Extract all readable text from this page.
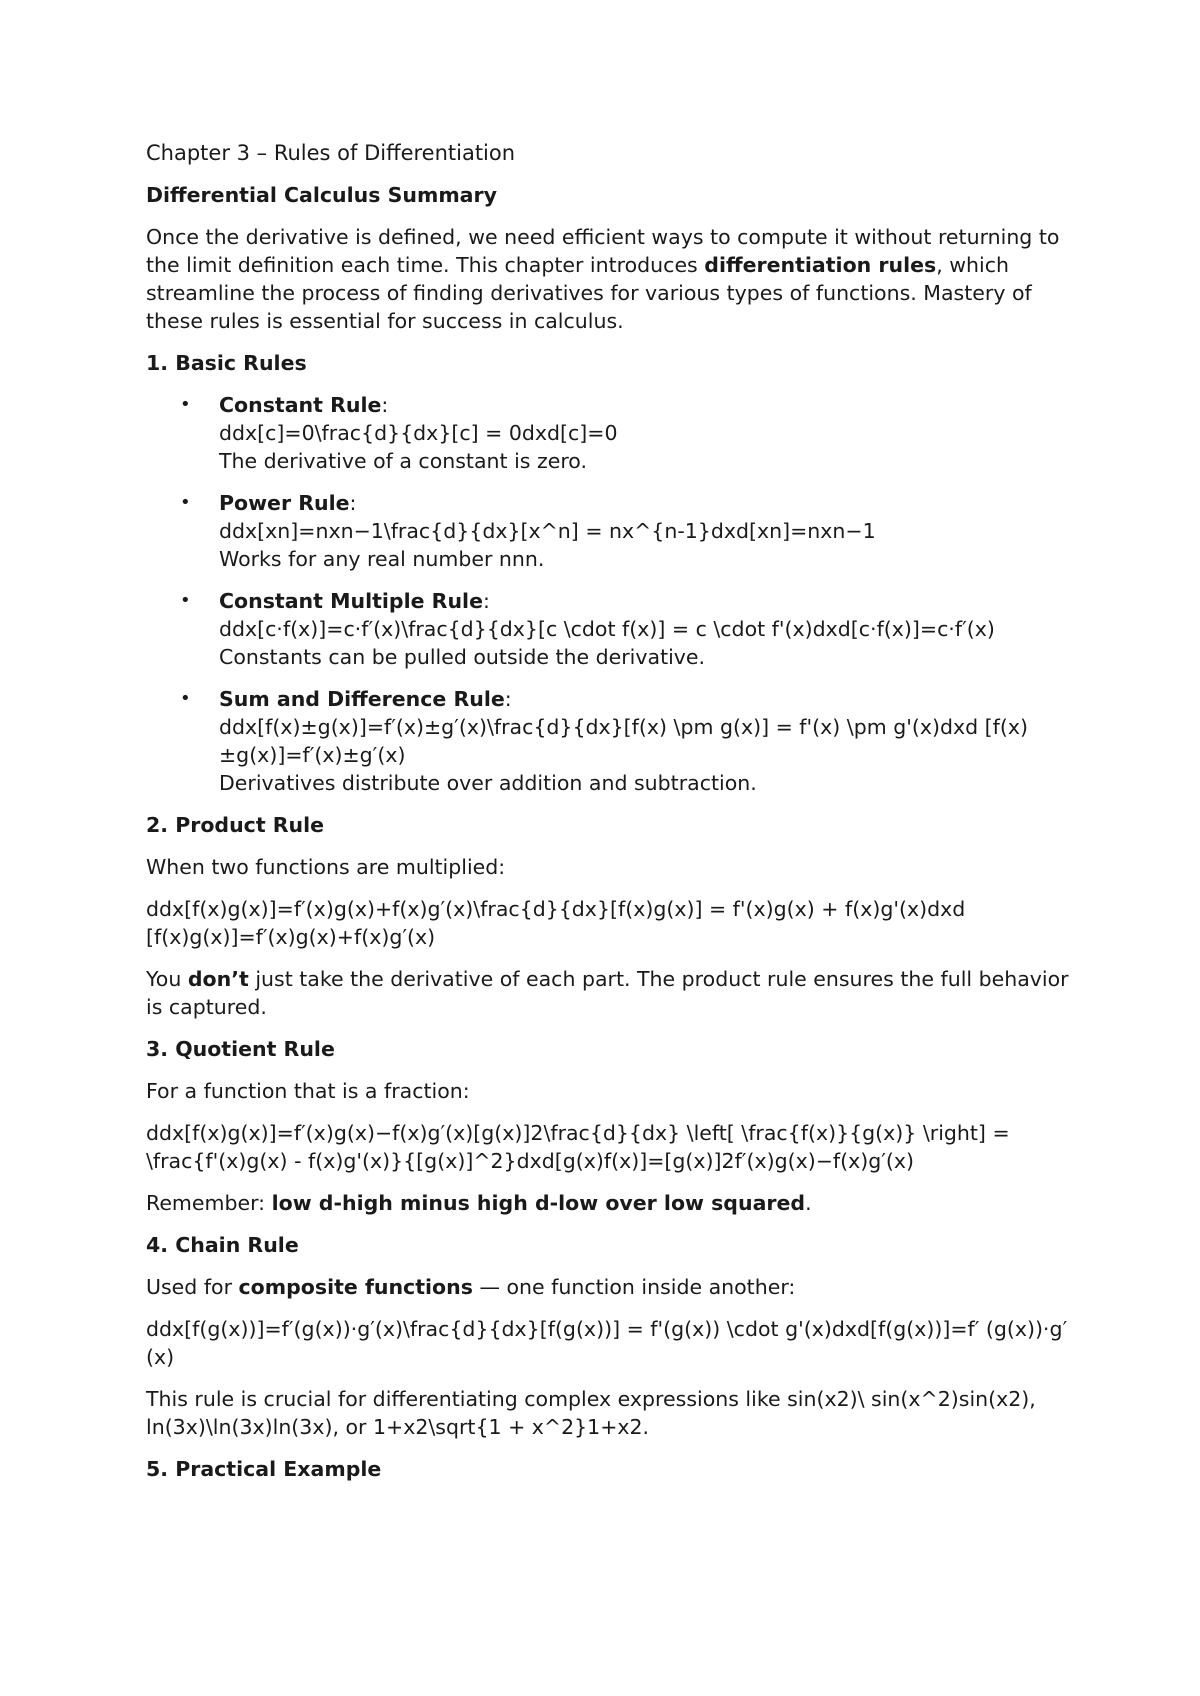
Chapter 3 – Rules of Differentiation

Differential Calculus Summary

Once the derivative is defined, we need efficient ways to compute it without returning to the limit definition each time. This chapter introduces differentiation rules, which streamline the process of finding derivatives for various types of functions. Mastery of these rules is essential for success in calculus.

1. Basic Rules

• Constant Rule:
ddx[c]=0\frac{d}{dx}[c] = 0dxd[c]=0
The derivative of a constant is zero.
• Power Rule:
ddx[xn]=nxn−1\frac{d}{dx}[x^n] = nx^{n-1}dxd[xn]=nxn−1
Works for any real number nnn.
• Constant Multiple Rule:
ddx[c⋅f(x)]=c⋅f′(x)\frac{d}{dx}[c \cdot f(x)] = c \cdot f'(x)dxd[c⋅f(x)]=c⋅f′(x)
Constants can be pulled outside the derivative.
• Sum and Difference Rule:
ddx[f(x)±g(x)]=f′(x)±g′(x)\frac{d}{dx}[f(x) \pm g(x)] = f'(x) \pm g'(x)dxd [f(x)±g(x)]=f′(x)±g′(x)
Derivatives distribute over addition and subtraction.

2. Product Rule

When two functions are multiplied:

ddx[f(x)g(x)]=f′(x)g(x)+f(x)g′(x)\frac{d}{dx}[f(x)g(x)] = f'(x)g(x) + f(x)g'(x)dxd [f(x)g(x)]=f′(x)g(x)+f(x)g′(x)

You don’t just take the derivative of each part. The product rule ensures the full behavior is captured.

3. Quotient Rule

For a function that is a fraction:

ddx[f(x)g(x)]=f′(x)g(x)−f(x)g′(x)[g(x)]2\frac{d}{dx} \left[ \frac{f(x)}{g(x)} \right] = \frac{f'(x)g(x) - f(x)g'(x)}{[g(x)]^2}dxd[g(x)f(x)]=[g(x)]2f′(x)g(x)−f(x)g′(x)

Remember: low d-high minus high d-low over low squared.

4. Chain Rule

Used for composite functions — one function inside another:

ddx[f(g(x))]=f′(g(x))⋅g′(x)\frac{d}{dx}[f(g(x))] = f'(g(x)) \cdot g'(x)dxd[f(g(x))]=f′ (g(x))⋅g′(x)

This rule is crucial for differentiating complex expressions like sin(x2)\ sin(x^2)sin(x2), ln(3x)\ln(3x)ln(3x), or 1+x2\sqrt{1 + x^2}1+x2.

5. Practical Example
